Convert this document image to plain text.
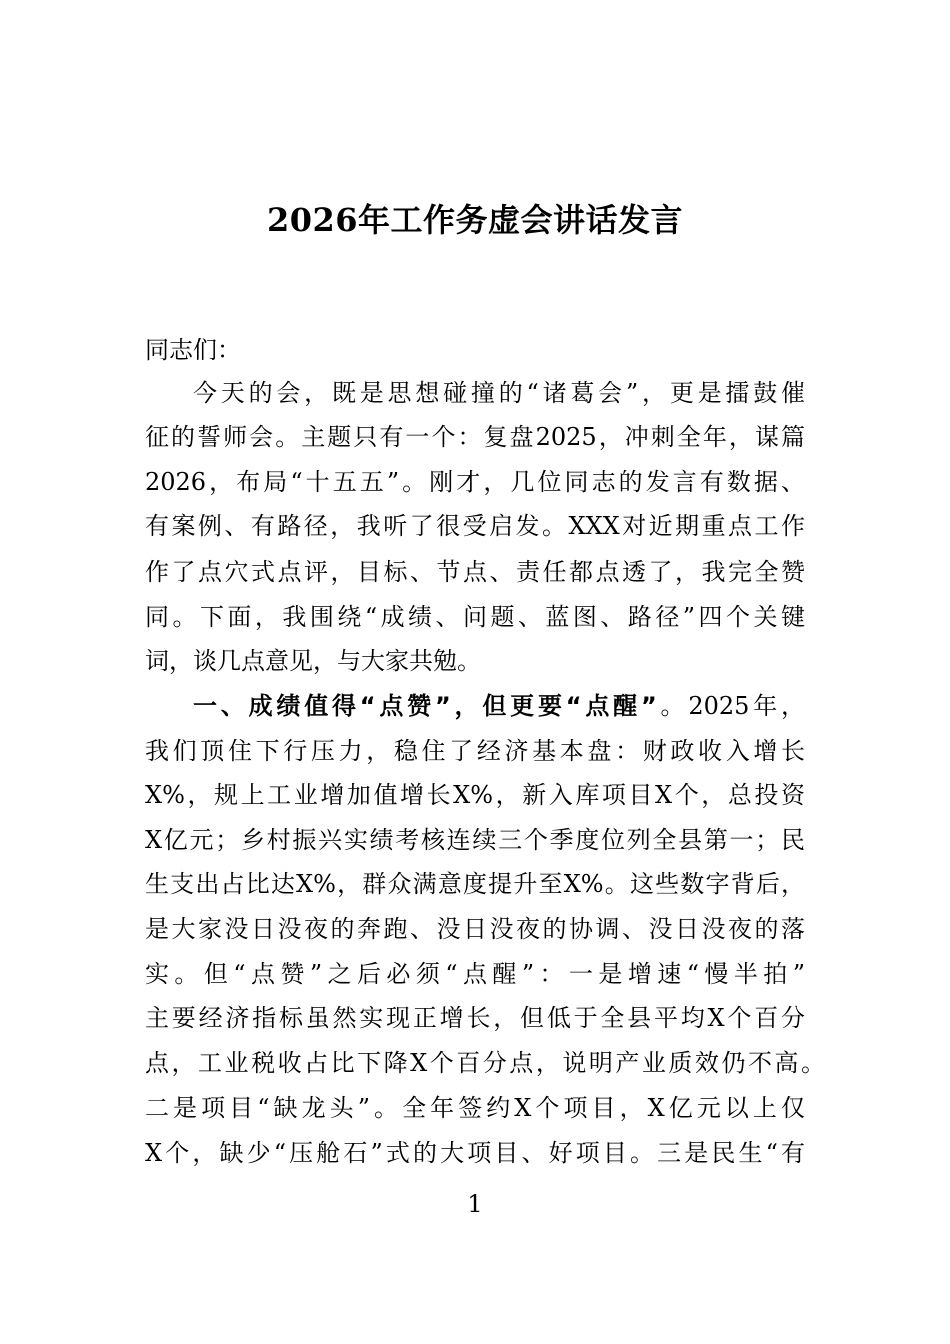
2026年工作务虚会讲话发言
同志们：
今天的会，既是思想碰撞的“诸葛会”，更是擂鼓催
征的誓师会。主题只有一个：复盘2025，冲刺全年，谋篇
2026，布局“十五五”。刚才，几位同志的发言有数据、
有案例、有路径，我听了很受启发。XXX对近期重点工作
作了点穴式点评，目标、节点、责任都点透了，我完全赞
同。下面，我围绕“成绩、问题、蓝图、路径”四个关键
词，谈几点意见，与大家共勉。
一、成绩值得“点赞”，但更要“点醒”。2025年，
我们顶住下行压力，稳住了经济基本盘：财政收入增长
X%，规上工业增加值增长X%，新入库项目X个，总投资
X亿元；乡村振兴实绩考核连续三个季度位列全县第一；民
生支出占比达X%，群众满意度提升至X%。这些数字背后，
是大家没日没夜的奔跑、没日没夜的协调、没日没夜的落
实。但“点赞”之后必须“点醒”：一是增速“慢半拍”
主要经济指标虽然实现正增长，但低于全县平均X个百分
点，工业税收占比下降X个百分点，说明产业质效仍不高。
二是项目“缺龙头”。全年签约X个项目，X亿元以上仅
X个，缺少“压舱石”式的大项目、好项目。三是民生“有
1
